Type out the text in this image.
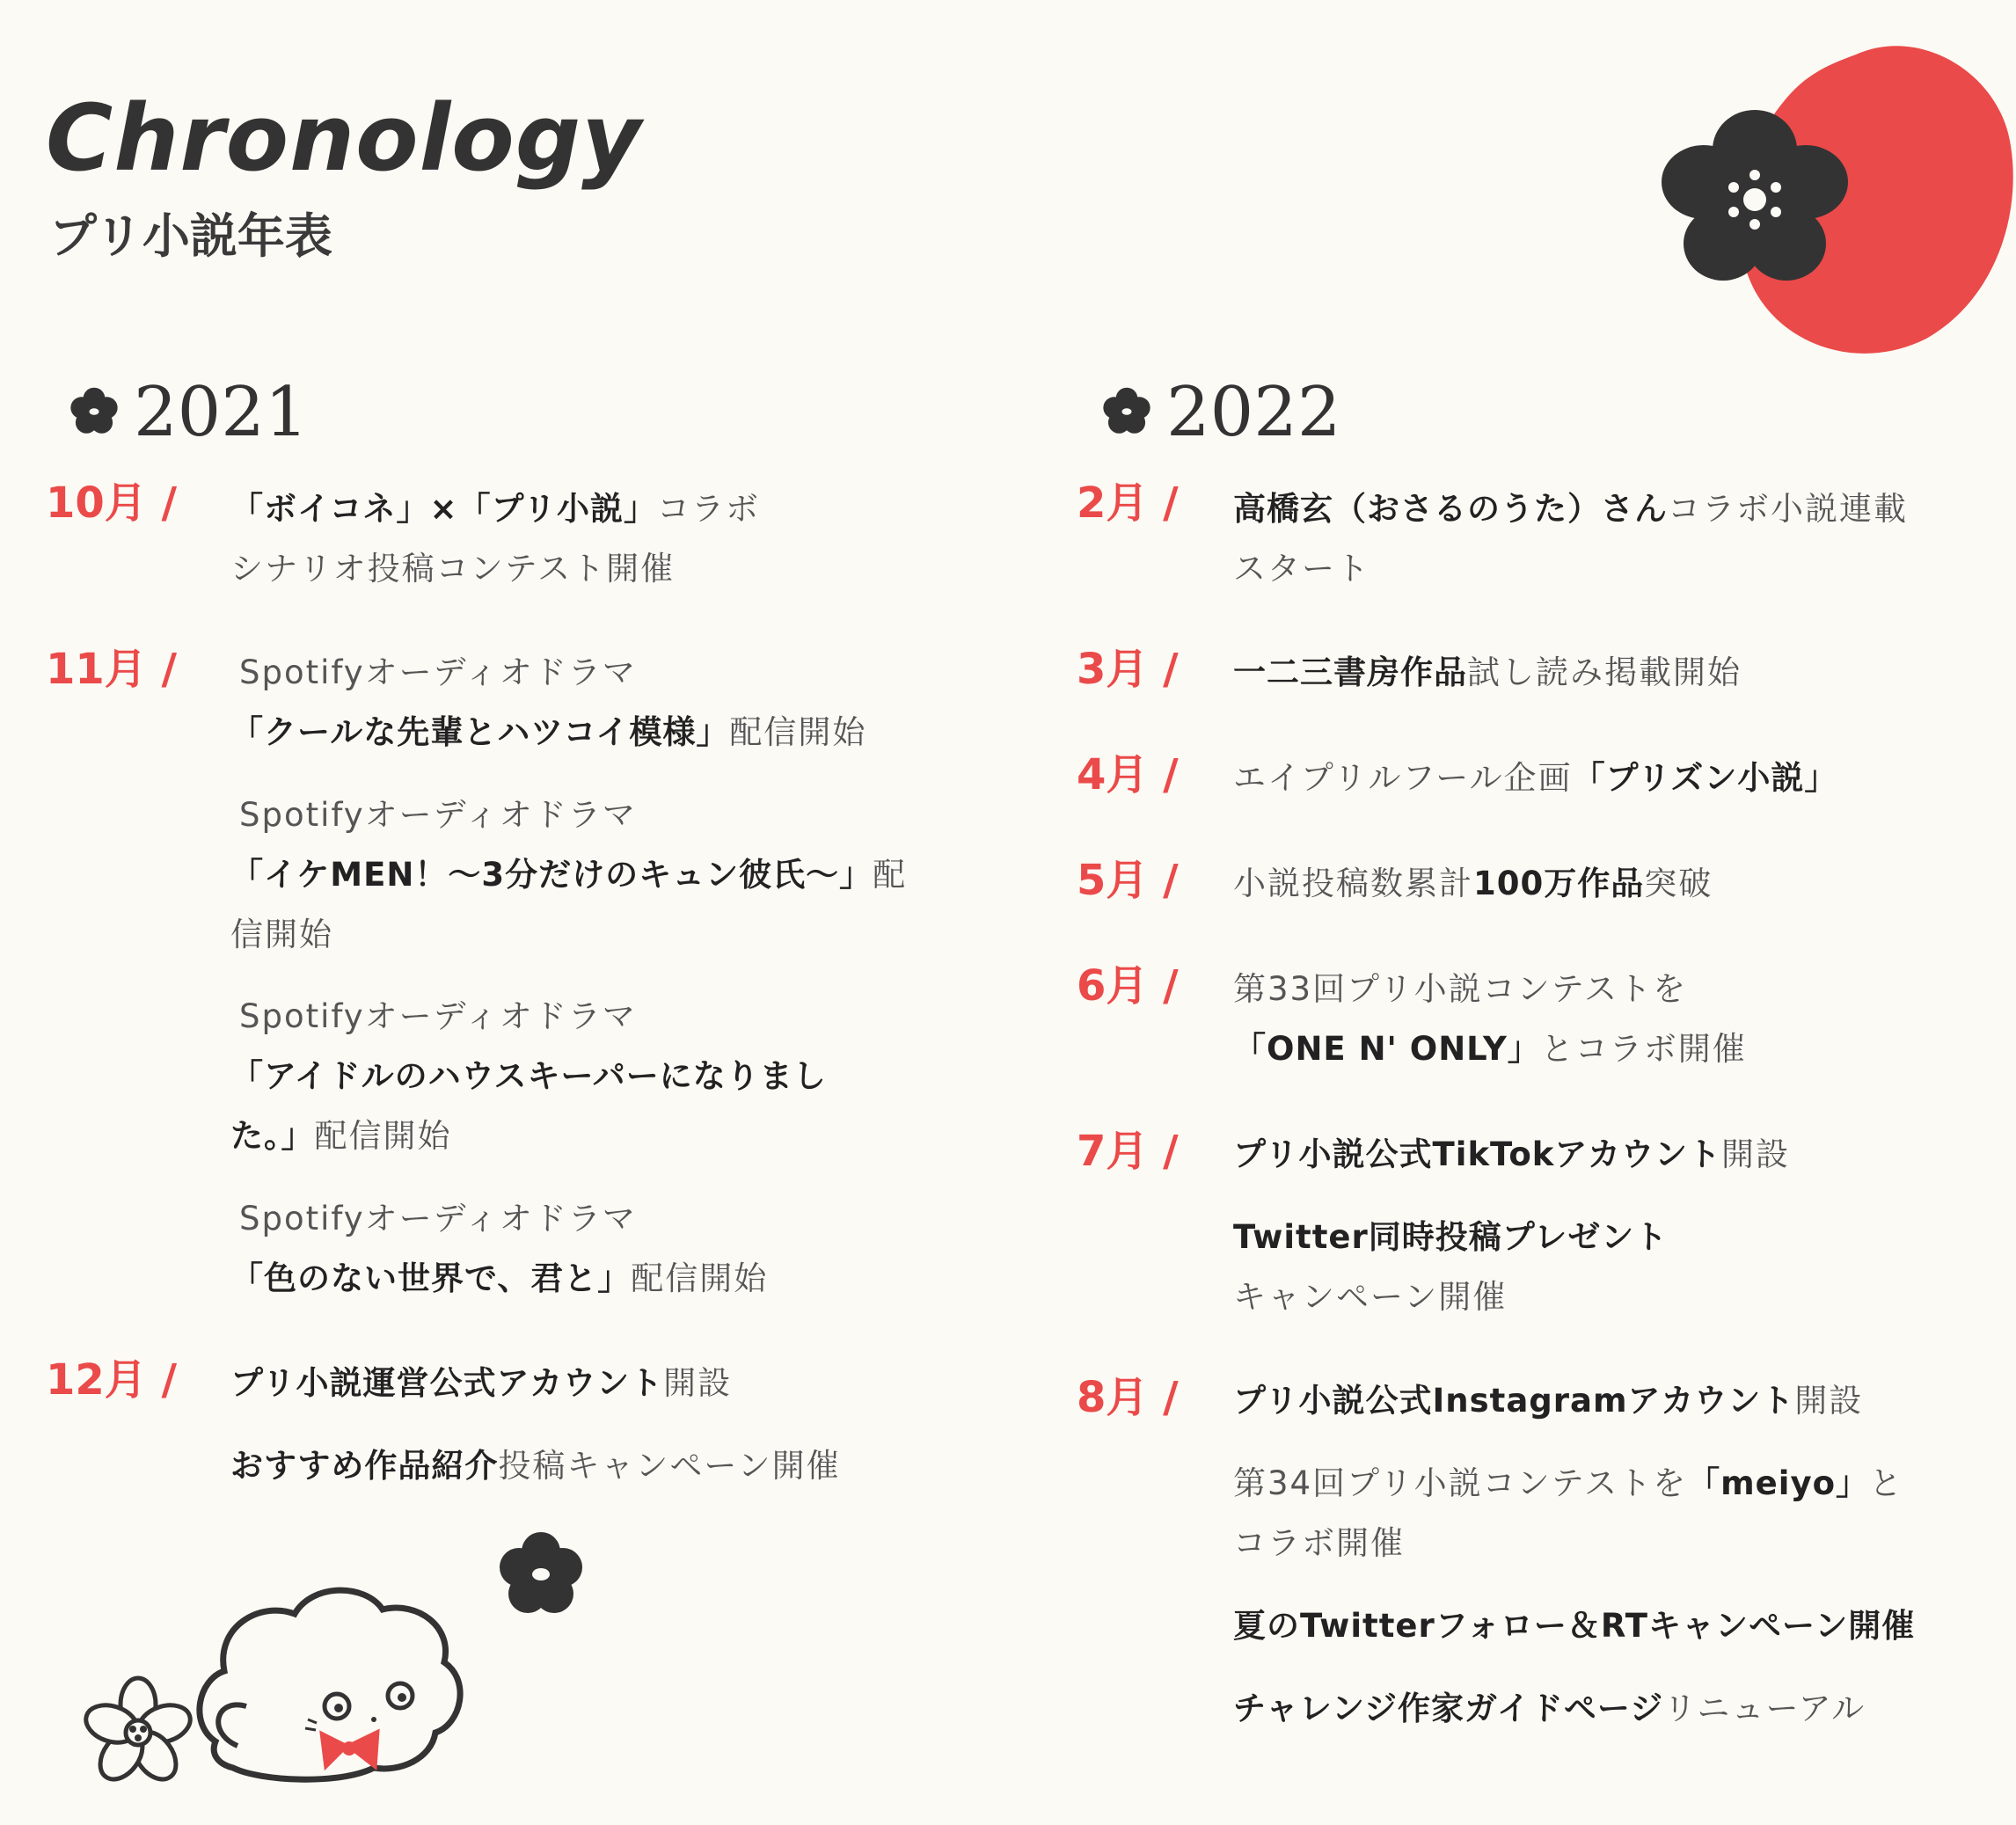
Chronology
プリ小説年表
2021
10月 / 「ボイコネ」×「プリ小説」コラボ
シナリオ投稿コンテスト開催
11月 / Spotifyオーディオドラマ
「クールな先輩とハツコイ模様」配信開始
Spotifyオーディオドラマ
「イケMEN！～3分だけのキュン彼氏～」配
信開始
Spotifyオーディオドラマ
「アイドルのハウスキーパーになりまし
た。」配信開始
Spotifyオーディオドラマ
「色のない世界で、君と」配信開始
12月 / プリ小説運営公式アカウント開設
おすすめ作品紹介投稿キャンペーン開催
2022
2月 / 高橋玄（おさるのうた）さんコラボ小説連載
スタート
3月 / 一二三書房作品試し読み掲載開始
4月 / エイプリルフール企画「プリズン小説」
5月 / 小説投稿数累計100万作品突破
6月 / 第33回プリ小説コンテストを
「ONE N' ONLY」とコラボ開催
7月 / プリ小説公式TikTokアカウント開設
Twitter同時投稿プレゼント
キャンペーン開催
8月 / プリ小説公式Instagramアカウント開設
第34回プリ小説コンテストを「meiyo」と
コラボ開催
夏のTwitterフォロー＆RTキャンペーン開催
チャレンジ作家ガイドページリニューアル
